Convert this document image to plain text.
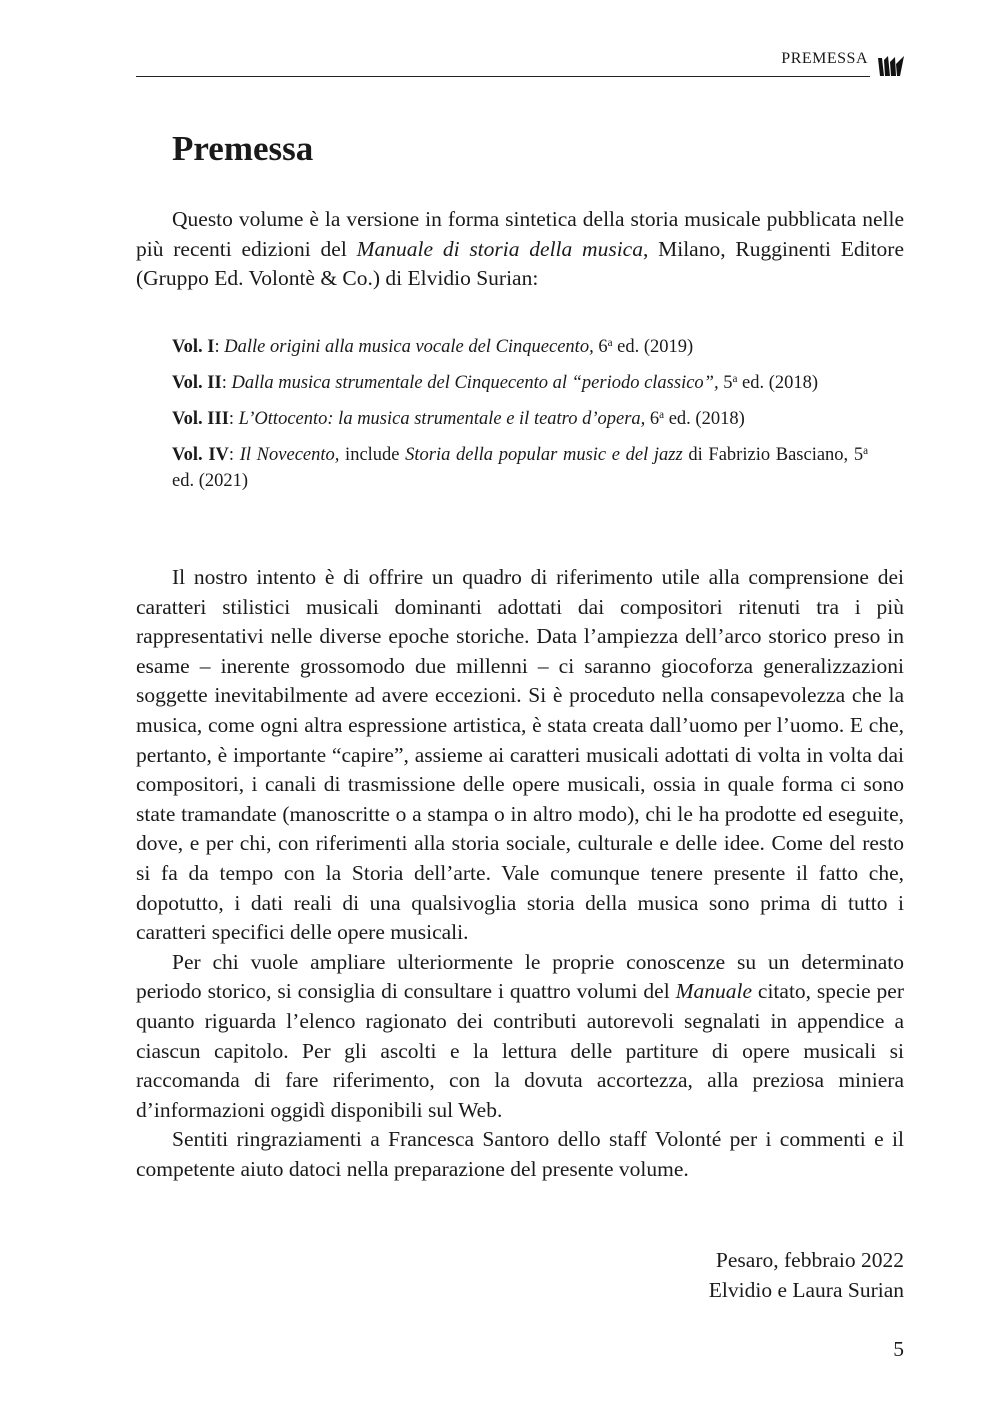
PREMESSA
Premessa

Questo volume è la versione in forma sintetica della storia musicale pubblicata nelle più recenti edizioni del Manuale di storia della musica, Milano, Rugginenti Editore (Gruppo Ed. Volontè & Co.) di Elvidio Surian:

Vol. I: Dalle origini alla musica vocale del Cinquecento, 6$^a$ ed. (2019)

Vol. II: Dalla musica strumentale del Cinquecento al “periodo classico”, 5$^a$ ed. (2018)

Vol. III: L’Ottocento: la musica strumentale e il teatro d’opera, 6$^a$ ed. (2018)

Vol. IV: Il Novecento, include Storia della popular music e del jazz di Fabrizio Basciano, 5$^a$ ed. (2021)

Il nostro intento è di offrire un quadro di riferimento utile alla comprensione dei caratteri stilistici musicali dominanti adottati dai compositori ritenuti tra i più rappresentativi nelle diverse epoche storiche. Data l’ampiezza dell’arco storico preso in esame – inerente grossomodo due millenni – ci saranno giocoforza generalizzazioni soggette inevitabilmente ad avere eccezioni. Si è proceduto nella consapevolezza che la musica, come ogni altra espressione artistica, è stata creata dall’uomo per l’uomo. E che, pertanto, è importante “capire”, assieme ai caratteri musicali adottati di volta in volta dai compositori, i canali di trasmissione delle opere musicali, ossia in quale forma ci sono state tramandate (manoscritte o a stampa o in altro modo), chi le ha prodotte ed eseguite, dove, e per chi, con riferimenti alla storia sociale, culturale e delle idee. Come del resto si fa da tempo con la Storia dell’arte. Vale comunque tenere presente il fatto che, dopotutto, i dati reali di una qualsivoglia storia della musica sono prima di tutto i caratteri specifici delle opere musicali.

Per chi vuole ampliare ulteriormente le proprie conoscenze su un determinato periodo storico, si consiglia di consultare i quattro volumi del Manuale citato, specie per quanto riguarda l’elenco ragionato dei contributi autorevoli segnalati in appendice a ciascun capitolo. Per gli ascolti e la lettura delle partiture di opere musicali si raccomanda di fare riferimento, con la dovuta accortezza, alla preziosa miniera d’informazioni oggidì disponibili sul Web.

Sentiti ringraziamenti a Francesca Santoro dello staff Volonté per i commenti e il competente aiuto datoci nella preparazione del presente volume.

Pesaro, febbraio 2022
Elvidio e Laura Surian
5
